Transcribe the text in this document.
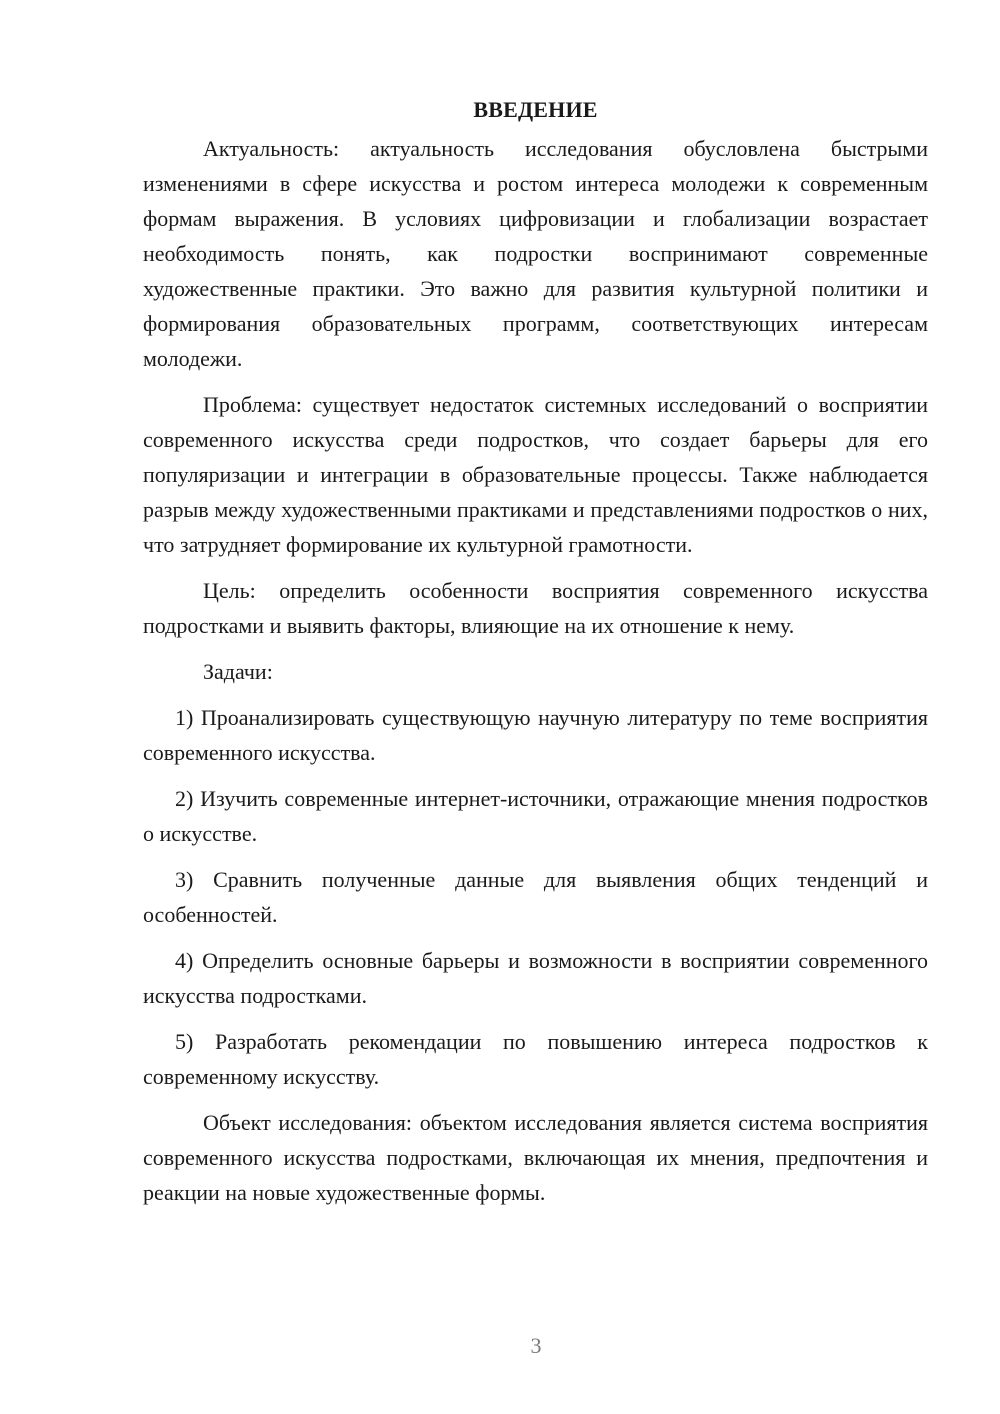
ВВЕДЕНИЕ

Актуальность: актуальность исследования обусловлена быстрыми изменениями в сфере искусства и ростом интереса молодежи к современным формам выражения. В условиях цифровизации и глобализации возрастает необходимость понять, как подростки воспринимают современные художественные практики. Это важно для развития культурной политики и формирования образовательных программ, соответствующих интересам молодежи.

Проблема: существует недостаток системных исследований о восприятии современного искусства среди подростков, что создает барьеры для его популяризации и интеграции в образовательные процессы. Также наблюдается разрыв между художественными практиками и представлениями подростков о них, что затрудняет формирование их культурной грамотности.

Цель: определить особенности восприятия современного искусства подростками и выявить факторы, влияющие на их отношение к нему.

Задачи:

1) Проанализировать существующую научную литературу по теме восприятия современного искусства.

2) Изучить современные интернет-источники, отражающие мнения подростков о искусстве.

3) Сравнить полученные данные для выявления общих тенденций и особенностей.

4) Определить основные барьеры и возможности в восприятии современного искусства подростками.

5) Разработать рекомендации по повышению интереса подростков к современному искусству.

Объект исследования: объектом исследования является система восприятия современного искусства подростками, включающая их мнения, предпочтения и реакции на новые художественные формы.

3
